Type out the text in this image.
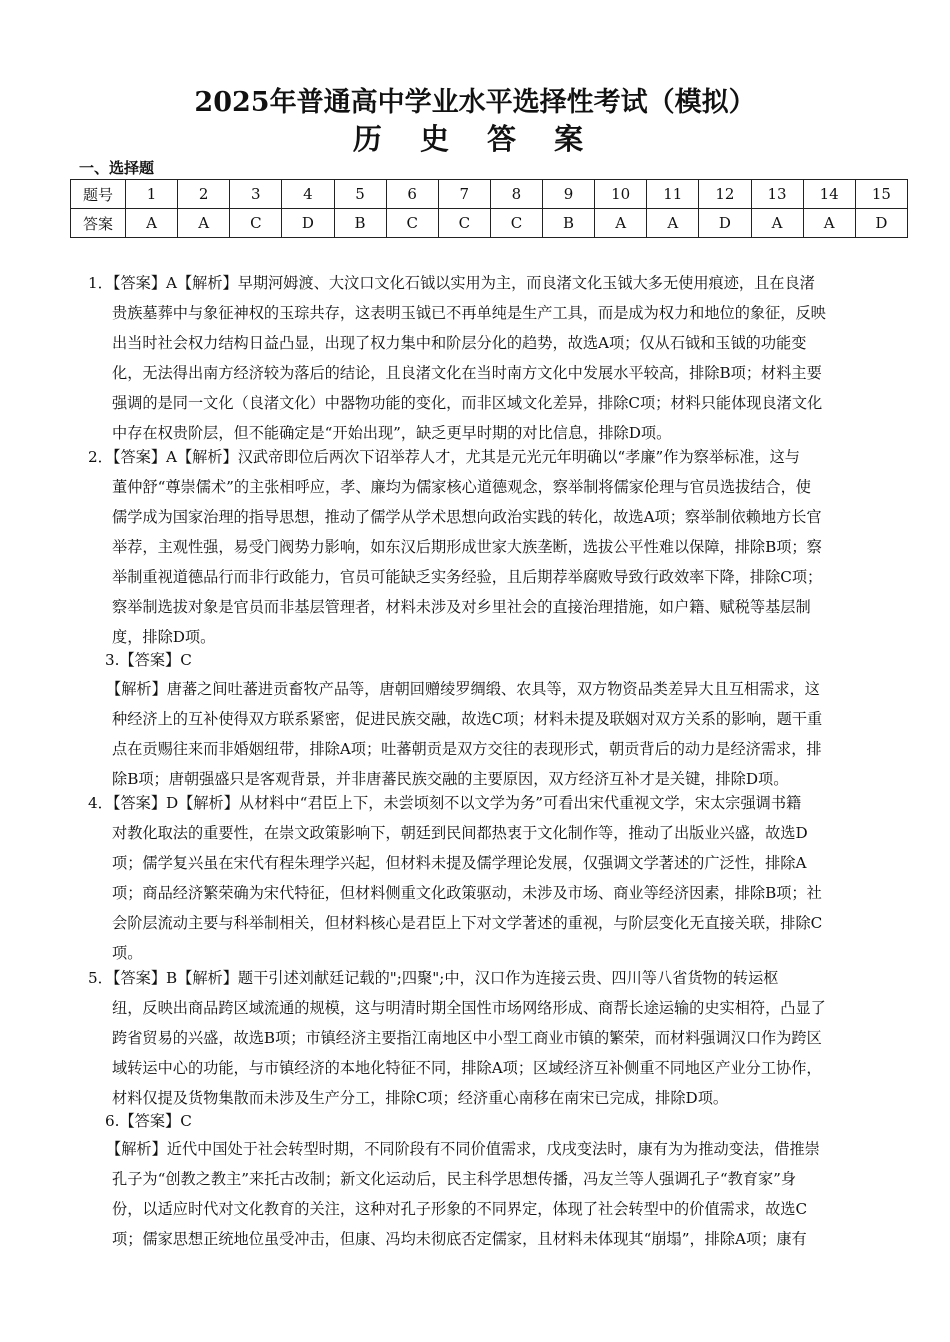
2025年普通高中学业水平选择性考试（模拟）
历 史 答 案
一、选择题
题号	1	2	3	4	5	6	7	8	9	10	11	12	13	14	15
答案	A	A	C	D	B	C	C	C	B	A	A	D	A	A	D
1．【答案】A【解析】早期河姆渡、大汶口文化石钺以实用为主，而良渚文化玉钺大多无使用痕迹，且在良渚
贵族墓葬中与象征神权的玉琮共存，这表明玉钺已不再单纯是生产工具，而是成为权力和地位的象征，反映
出当时社会权力结构日益凸显，出现了权力集中和阶层分化的趋势，故选A项；仅从石钺和玉钺的功能变
化，无法得出南方经济较为落后的结论，且良渚文化在当时南方文化中发展水平较高，排除B项；材料主要
强调的是同一文化（良渚文化）中器物功能的变化，而非区域文化差异，排除C项；材料只能体现良渚文化
中存在权贵阶层，但不能确定是“开始出现”，缺乏更早时期的对比信息，排除D项。
2．【答案】A【解析】汉武帝即位后两次下诏举荐人才，尤其是元光元年明确以“孝廉”作为察举标准，这与
董仲舒“尊崇儒术”的主张相呼应，孝、廉均为儒家核心道德观念，察举制将儒家伦理与官员选拔结合，使
儒学成为国家治理的指导思想，推动了儒学从学术思想向政治实践的转化，故选A项；察举制依赖地方长官
举荐，主观性强，易受门阀势力影响，如东汉后期形成世家大族垄断，选拔公平性难以保障，排除B项；察
举制重视道德品行而非行政能力，官员可能缺乏实务经验，且后期荐举腐败导致行政效率下降，排除C项；
察举制选拔对象是官员而非基层管理者，材料未涉及对乡里社会的直接治理措施，如户籍、赋税等基层制
度，排除D项。
3.【答案】C
【解析】唐蕃之间吐蕃进贡畜牧产品等，唐朝回赠绫罗绸缎、农具等，双方物资品类差异大且互相需求，这
种经济上的互补使得双方联系紧密，促进民族交融，故选C项；材料未提及联姻对双方关系的影响，题干重
点在贡赐往来而非婚姻纽带，排除A项；吐蕃朝贡是双方交往的表现形式，朝贡背后的动力是经济需求，排
除B项；唐朝强盛只是客观背景，并非唐蕃民族交融的主要原因，双方经济互补才是关键，排除D项。
4．【答案】D【解析】从材料中“君臣上下，未尝顷刻不以文学为务”可看出宋代重视文学，宋太宗强调书籍
对教化取法的重要性，在崇文政策影响下，朝廷到民间都热衷于文化制作等，推动了出版业兴盛，故选D
项；儒学复兴虽在宋代有程朱理学兴起，但材料未提及儒学理论发展，仅强调文学著述的广泛性，排除A
项；商品经济繁荣确为宋代特征，但材料侧重文化政策驱动，未涉及市场、商业等经济因素，排除B项；社
会阶层流动主要与科举制相关，但材料核心是君臣上下对文学著述的重视，与阶层变化无直接关联，排除C
项。
5．【答案】B【解析】题干引述刘献廷记载的";四聚";中，汉口作为连接云贵、四川等八省货物的转运枢
纽，反映出商品跨区域流通的规模，这与明清时期全国性市场网络形成、商帮长途运输的史实相符，凸显了
跨省贸易的兴盛，故选B项；市镇经济主要指江南地区中小型工商业市镇的繁荣，而材料强调汉口作为跨区
域转运中心的功能，与市镇经济的本地化特征不同，排除A项；区域经济互补侧重不同地区产业分工协作，
材料仅提及货物集散而未涉及生产分工，排除C项；经济重心南移在南宋已完成，排除D项。
6.【答案】C
【解析】近代中国处于社会转型时期，不同阶段有不同价值需求，戊戌变法时，康有为为推动变法，借推崇
孔子为“创教之教主”来托古改制；新文化运动后，民主科学思想传播，冯友兰等人强调孔子“教育家”身
份，以适应时代对文化教育的关注，这种对孔子形象的不同界定，体现了社会转型中的价值需求，故选C
项；儒家思想正统地位虽受冲击，但康、冯均未彻底否定儒家，且材料未体现其“崩塌”，排除A项；康有
